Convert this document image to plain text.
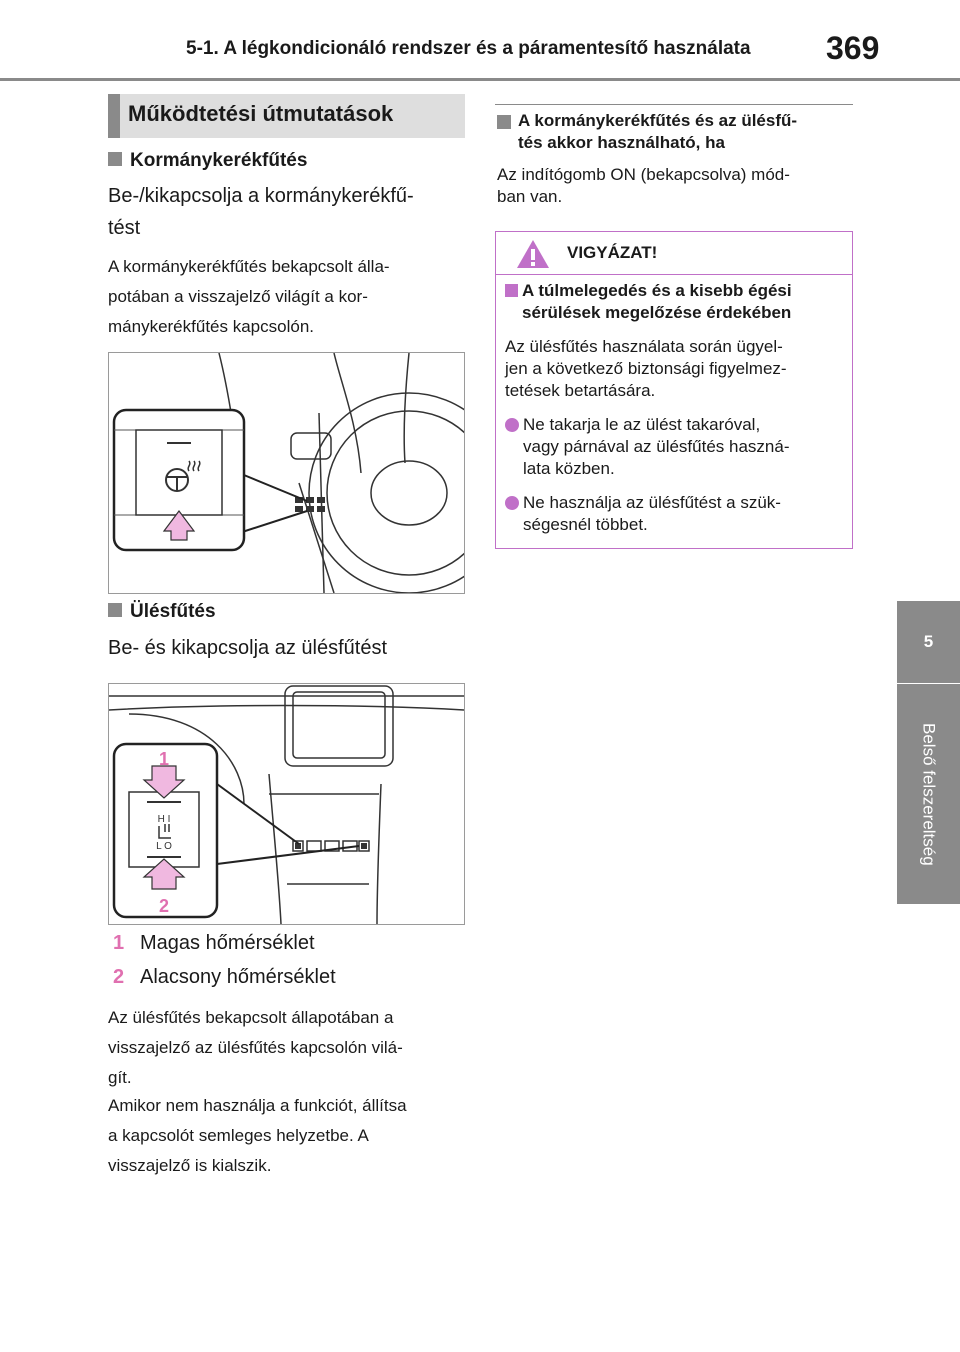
5-1. A légkondicionáló rendszer és a páramentesítő használata 369
5
Belső felszereltség
Működtetési útmutatások
Kormánykerékfűtés
Be-/kikapcsolja a kormánykerékfű-
tést
A kormánykerékfűtés bekapcsolt álla-
potában a visszajelző világít a kor-
mánykerékfűtés kapcsolón.
Ülésfűtés
Be- és kikapcsolja az ülésfűtést
H I
L O
1
2
1 Magas hőmérséklet
2 Alacsony hőmérséklet
Az ülésfűtés bekapcsolt állapotában a
visszajelző az ülésfűtés kapcsolón vilá-
gít.
Amikor nem használja a funkciót, állítsa
a kapcsolót semleges helyzetbe. A
visszajelző is kialszik.
A kormánykerékfűtés és az ülésfű-
tés akkor használható, ha
Az indítógomb ON (bekapcsolva) mód-
ban van.
VIGYÁZAT!
A túlmelegedés és a kisebb égési
sérülések megelőzése érdekében
Az ülésfűtés használata során ügyel-
jen a következő biztonsági figyelmez-
tetések betartására.
Ne takarja le az ülést takaróval,
vagy párnával az ülésfűtés haszná-
lata közben.
Ne használja az ülésfűtést a szük-
ségesnél többet.
